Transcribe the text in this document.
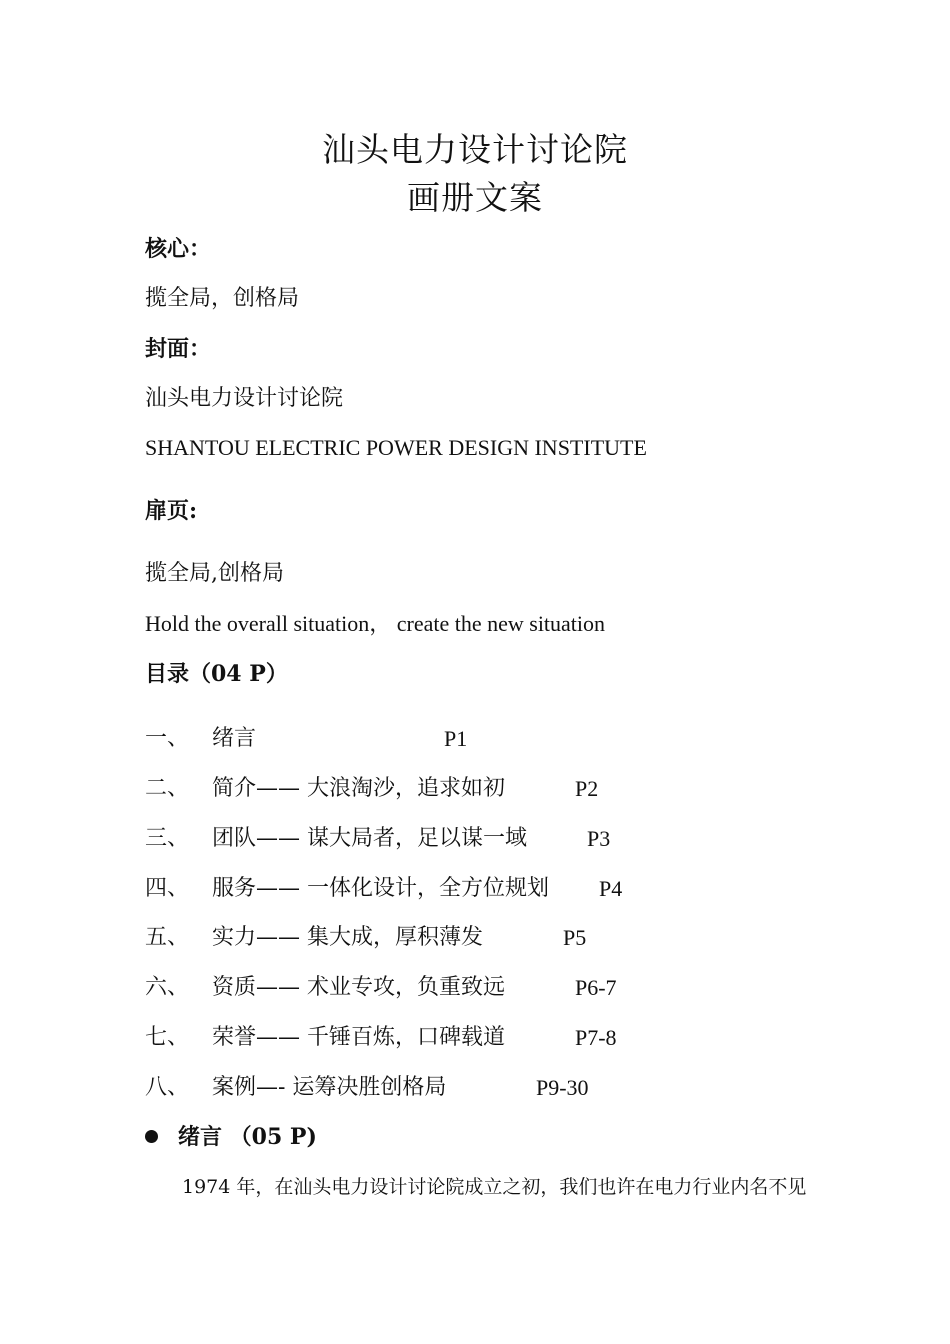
汕头电力设计讨论院
画册文案
核心：
揽全局，创格局
封面：
汕头电力设计讨论院
SHANTOU ELECTRIC POWER DESIGN INSTITUTE
扉页:
揽全局,创格局
Hold the overall situation， create the new situation
目录（04 P）
一、 绪言	P1
二、 简介—— 大浪淘沙，追求如初	P2
三、 团队—— 谋大局者，足以谋一域	P3
四、 服务—— 一体化设计，全方位规划 P4
五、 实力—— 集大成，厚积薄发	P5
六、 资质—— 术业专攻，负重致远	P6-7
七、 荣誉—— 千锤百炼，口碑载道	P7-8
八、 案例—- 运筹决胜创格局	P9-30
绪言 （05 P)
1974 年，在汕头电力设计讨论院成立之初，我们也许在电力行业内名不见
